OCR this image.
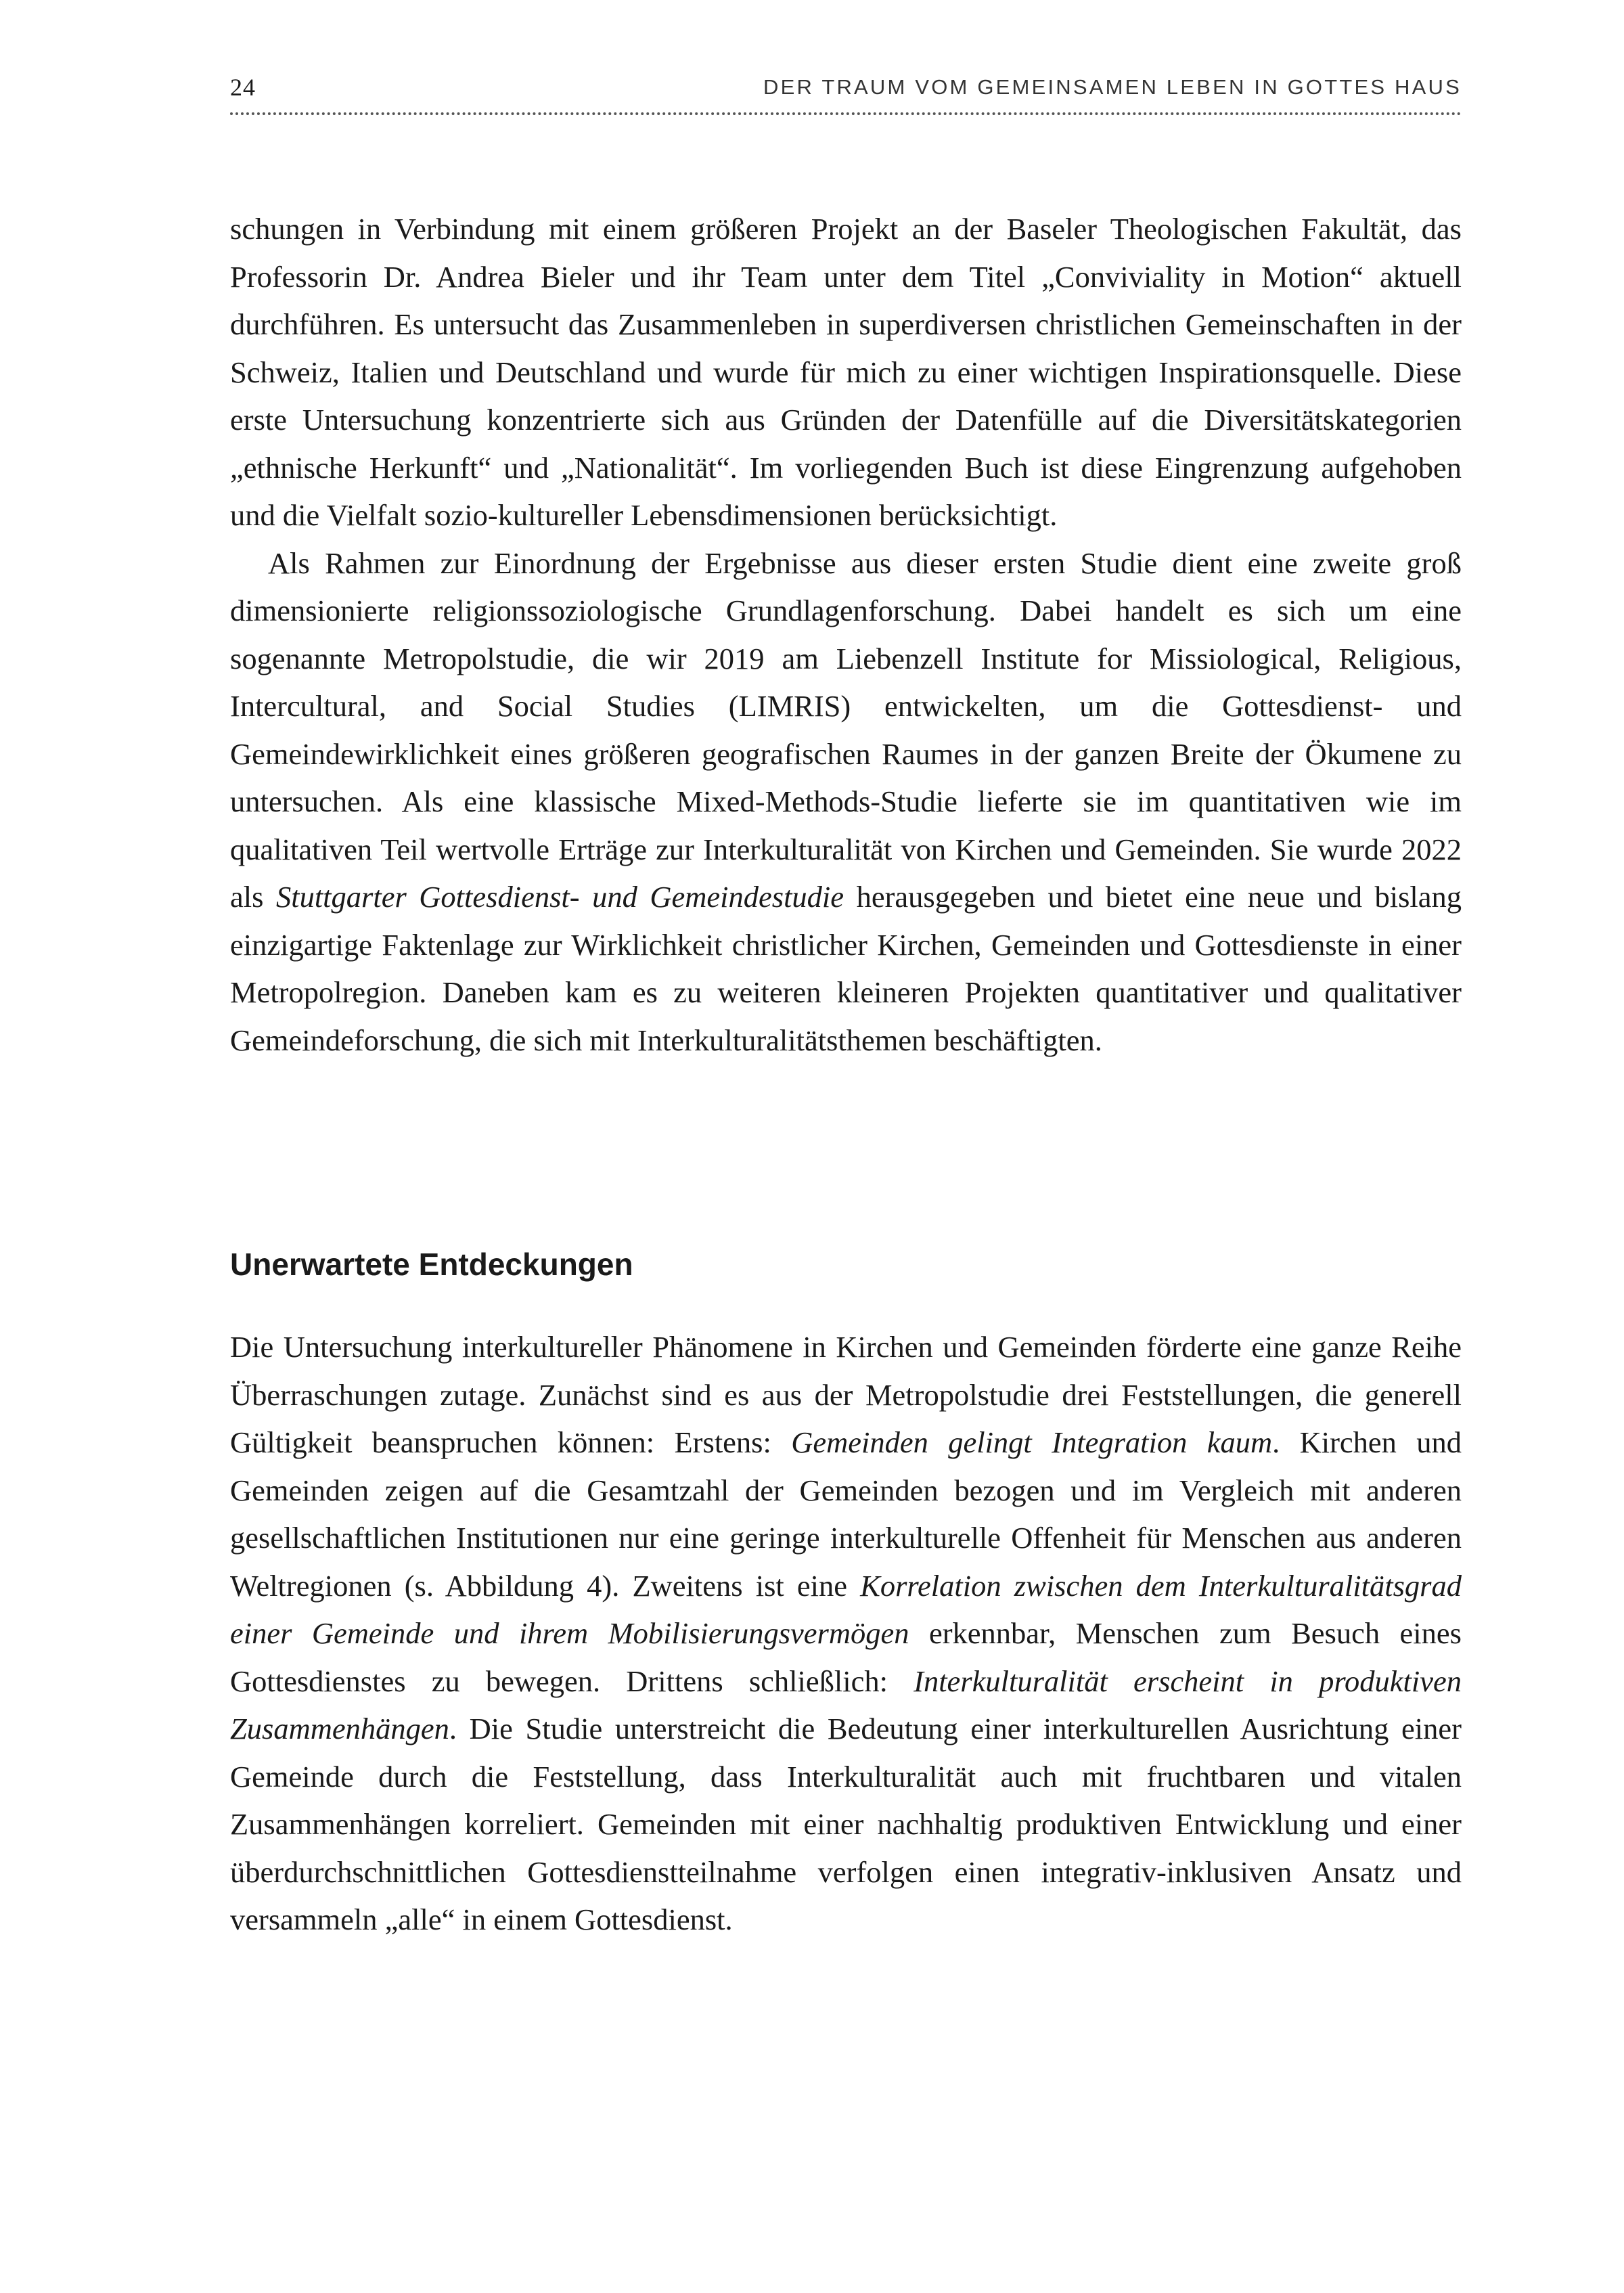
24	DER TRAUM VOM GEMEINSAMEN LEBEN IN GOTTES HAUS

schungen in Verbindung mit einem größeren Projekt an der Baseler Theologischen Fakultät, das Professorin Dr. Andrea Bieler und ihr Team unter dem Titel „Conviviality in Motion“ aktuell durchführen. Es untersucht das Zusammenleben in superdiversen christlichen Gemeinschaften in der Schweiz, Italien und Deutschland und wurde für mich zu einer wichtigen Inspirationsquelle. Diese erste Untersuchung konzentrierte sich aus Gründen der Datenfülle auf die Diversitätskategorien „ethnische Herkunft“ und „Nationalität“. Im vorliegenden Buch ist diese Eingrenzung aufgehoben und die Vielfalt sozio-kultureller Lebensdimensionen berücksichtigt.

Als Rahmen zur Einordnung der Ergebnisse aus dieser ersten Studie dient eine zweite groß dimensionierte religionssoziologische Grundlagenforschung. Dabei handelt es sich um eine sogenannte Metropolstudie, die wir 2019 am Liebenzell Institute for Missiological, Religious, Intercultural, and Social Studies (LIMRIS) entwickelten, um die Gottesdienst- und Gemeindewirklichkeit eines größeren geografischen Raumes in der ganzen Breite der Ökumene zu untersuchen. Als eine klassische Mixed-Methods-Studie lieferte sie im quantitativen wie im qualitativen Teil wertvolle Erträge zur Interkulturalität von Kirchen und Gemeinden. Sie wurde 2022 als Stuttgarter Gottesdienst- und Gemeindestudie herausgegeben und bietet eine neue und bislang einzigartige Faktenlage zur Wirklichkeit christlicher Kirchen, Gemeinden und Gottesdienste in einer Metropolregion. Daneben kam es zu weiteren kleineren Projekten quantitativer und qualitativer Gemeindeforschung, die sich mit Interkulturalitätsthemen beschäftigten.

Unerwartete Entdeckungen

Die Untersuchung interkultureller Phänomene in Kirchen und Gemeinden förderte eine ganze Reihe Überraschungen zutage. Zunächst sind es aus der Metropolstudie drei Feststellungen, die generell Gültigkeit beanspruchen können: Erstens: Gemeinden gelingt Integration kaum. Kirchen und Gemeinden zeigen auf die Gesamtzahl der Gemeinden bezogen und im Vergleich mit anderen gesellschaftlichen Institutionen nur eine geringe interkulturelle Offenheit für Menschen aus anderen Weltregionen (s. Abbildung 4). Zweitens ist eine Korrelation zwischen dem Interkulturalitätsgrad einer Gemeinde und ihrem Mobilisierungsvermögen erkennbar, Menschen zum Besuch eines Gottesdienstes zu bewegen. Drittens schließlich: Interkulturalität erscheint in produktiven Zusammenhängen. Die Studie unterstreicht die Bedeutung einer interkulturellen Ausrichtung einer Gemeinde durch die Feststellung, dass Interkulturalität auch mit fruchtbaren und vitalen Zusammenhängen korreliert. Gemeinden mit einer nachhaltig produktiven Entwicklung und einer überdurchschnittlichen Gottesdienstteilnahme verfolgen einen integrativ-inklusiven Ansatz und versammeln „alle“ in einem Gottesdienst.
